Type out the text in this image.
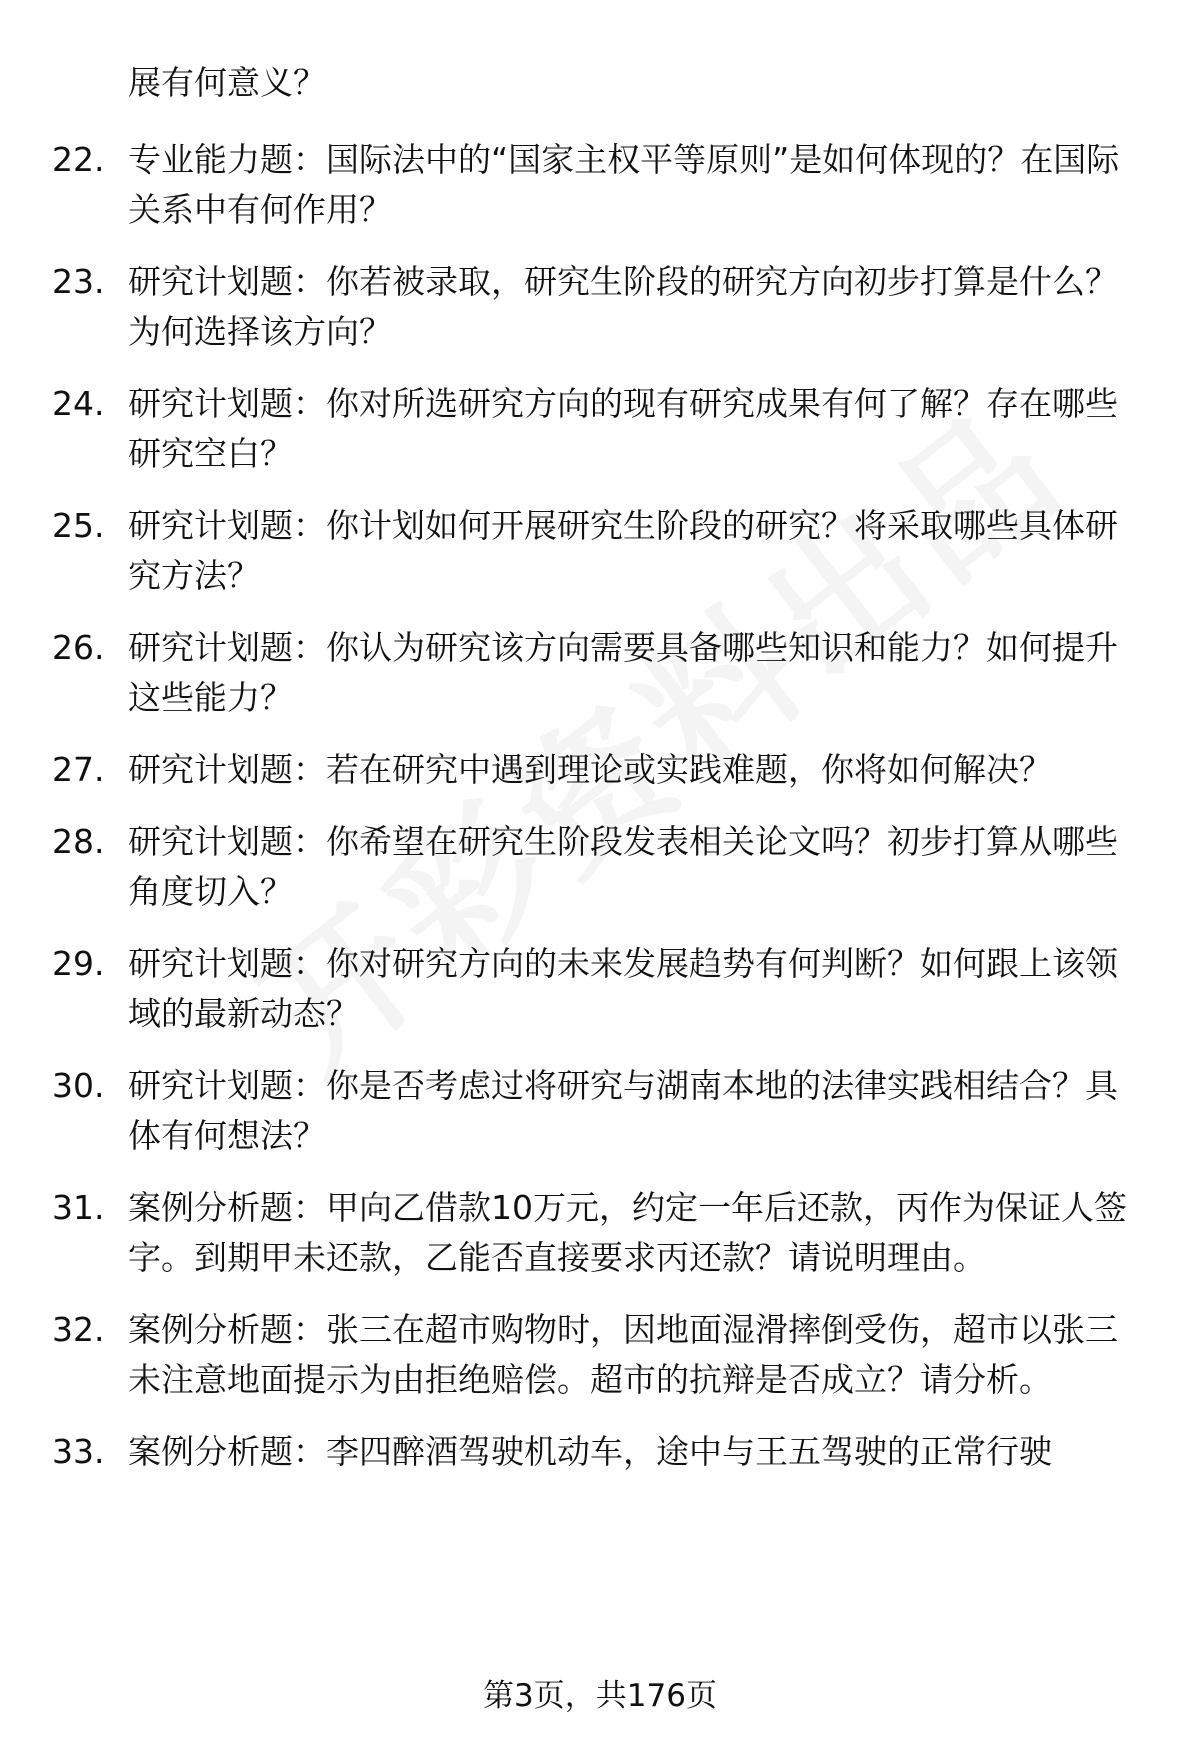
展有何意义？

22. 专业能力题：国际法中的“国家主权平等原则”是如何体现的？在国际关系中有何作用？
23. 研究计划题：你若被录取，研究生阶段的研究方向初步打算是什么？为何选择该方向？
24. 研究计划题：你对所选研究方向的现有研究成果有何了解？存在哪些研究空白？
25. 研究计划题：你计划如何开展研究生阶段的研究？将采取哪些具体研究方法？
26. 研究计划题：你认为研究该方向需要具备哪些知识和能力？如何提升这些能力？
27. 研究计划题：若在研究中遇到理论或实践难题，你将如何解决？
28. 研究计划题：你希望在研究生阶段发表相关论文吗？初步打算从哪些角度切入？
29. 研究计划题：你对研究方向的未来发展趋势有何判断？如何跟上该领域的最新动态？
30. 研究计划题：你是否考虑过将研究与湖南本地的法律实践相结合？具体有何想法？
31. 案例分析题：甲向乙借款10万元，约定一年后还款，丙作为保证人签字。到期甲未还款，乙能否直接要求丙还款？请说明理由。
32. 案例分析题：张三在超市购物时，因地面湿滑摔倒受伤，超市以张三未注意地面提示为由拒绝赔偿。超市的抗辩是否成立？请分析。
33. 案例分析题：李四醉酒驾驶机动车，途中与王五驾驶的正常行驶
第3页，共176页
